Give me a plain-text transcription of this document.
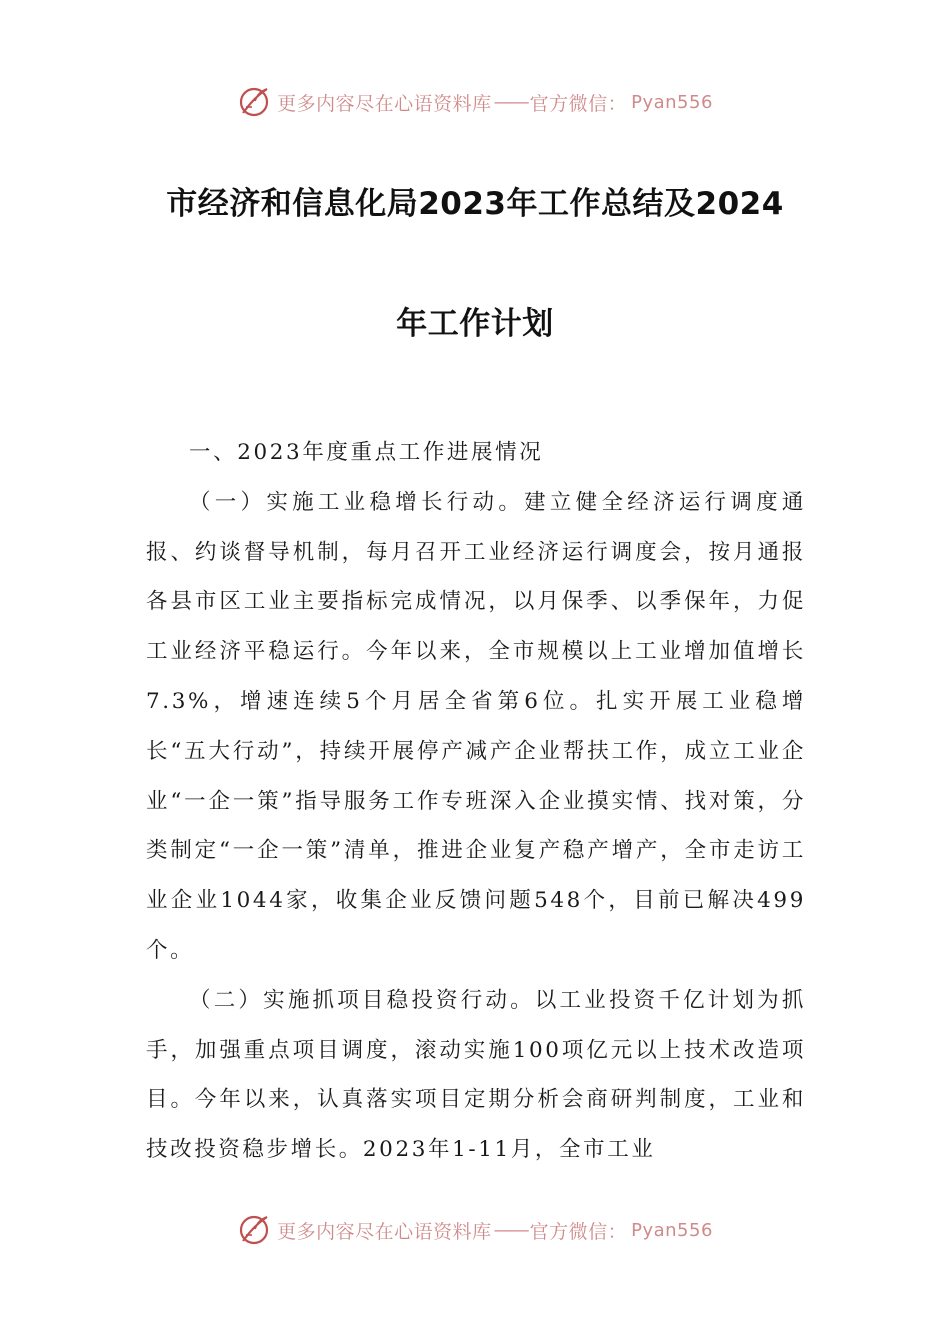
更多内容尽在心语资料库 —— 官方微信： Pyan556
市经济和信息化局2023年工作总结及2024
年工作计划

一、2023年度重点工作进展情况

（一）实施工业稳增长行动。建立健全经济运行调度通报、约谈督导机制，每月召开工业经济运行调度会，按月通报各县市区工业主要指标完成情况，以月保季、以季保年，力促工业经济平稳运行。今年以来，全市规模以上工业增加值增长7.3%，增速连续5个月居全省第6位。扎实开展工业稳增长“五大行动”，持续开展停产减产企业帮扶工作，成立工业企业“一企一策”指导服务工作专班深入企业摸实情、找对策，分类制定“一企一策”清单，推进企业复产稳产增产，全市走访工业企业1044家，收集企业反馈问题548个，目前已解决499个。

（二）实施抓项目稳投资行动。以工业投资千亿计划为抓手，加强重点项目调度，滚动实施100项亿元以上技术改造项目。今年以来，认真落实项目定期分析会商研判制度，工业和技改投资稳步增长。2023年1-11月，全市工业

更多内容尽在心语资料库 —— 官方微信： Pyan556
